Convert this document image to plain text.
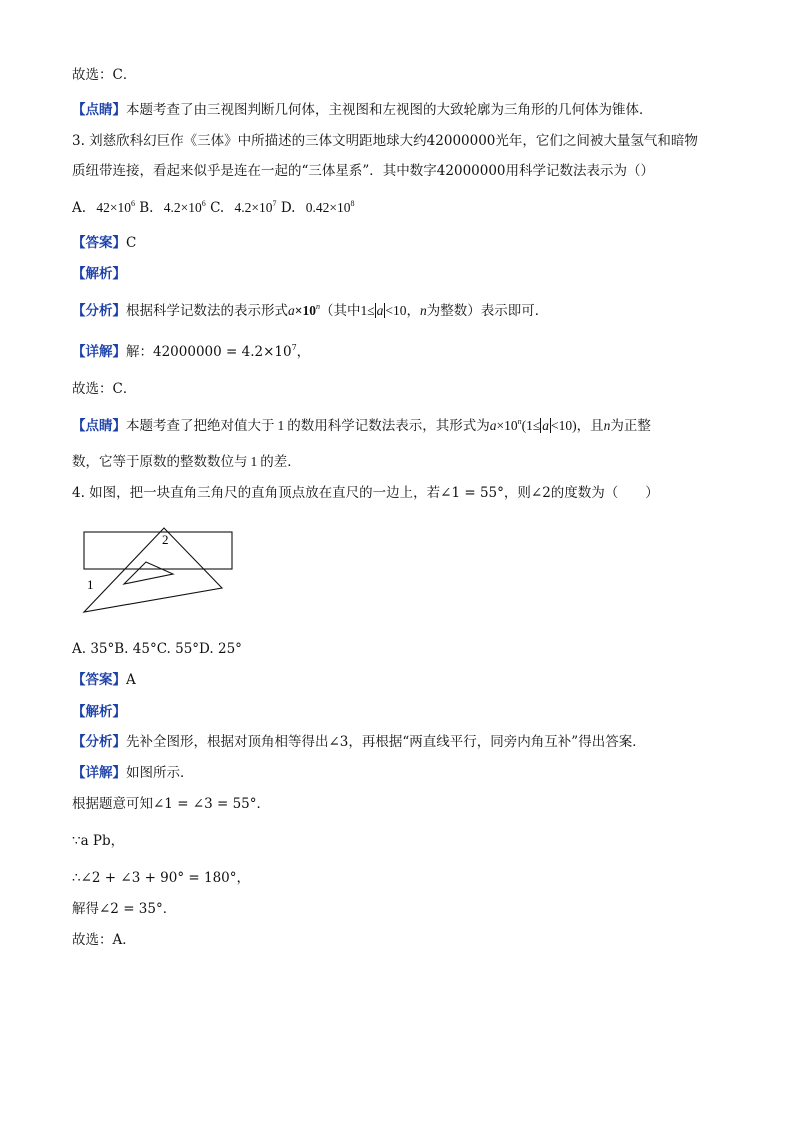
故选：C．
【点睛】本题考查了由三视图判断几何体，主视图和左视图的大致轮廓为三角形的几何体为锥体．
3. 刘慈欣科幻巨作《三体》中所描述的三体文明距地球大约42000000光年，它们之间被大量氢气和暗物
质纽带连接，看起来似乎是连在一起的“三体星系”．其中数字42000000用科学记数法表示为（）
A. $42\times 10^6$ B. $4.2\times 10^6$ C. $4.2\times 10^7$ D. $0.42\times 10^8$
【答案】C
【解析】
【分析】根据科学记数法的表示形式$a\times 10^n$（其中1≤ a <10，n为整数）表示即可．
【详解】解：$42000000 = 4.2\times 10^7$，
故选：C．
【点睛】本题考查了把绝对值大于 1 的数用科学记数法表示，其形式为$a\times 10^n(1\le a <10)$，且n为正整
数，它等于原数的整数数位与 1 的差．
4. 如图，把一块直角三角尺的直角顶点放在直尺的一边上，若∠1 = 55°，则∠2的度数为（　　）
1
2
A. 35°B. 45°C. 55°D. 25°
【答案】A
【解析】
【分析】先补全图形，根据对顶角相等得出∠3，再根据“两直线平行，同旁内角互补”得出答案．
【详解】如图所示．
根据题意可知∠1 = ∠3 = 55°．
∵a Pb，
∴∠2 + ∠3 + 90° = 180°，
解得∠2 = 35°．
故选：A．
